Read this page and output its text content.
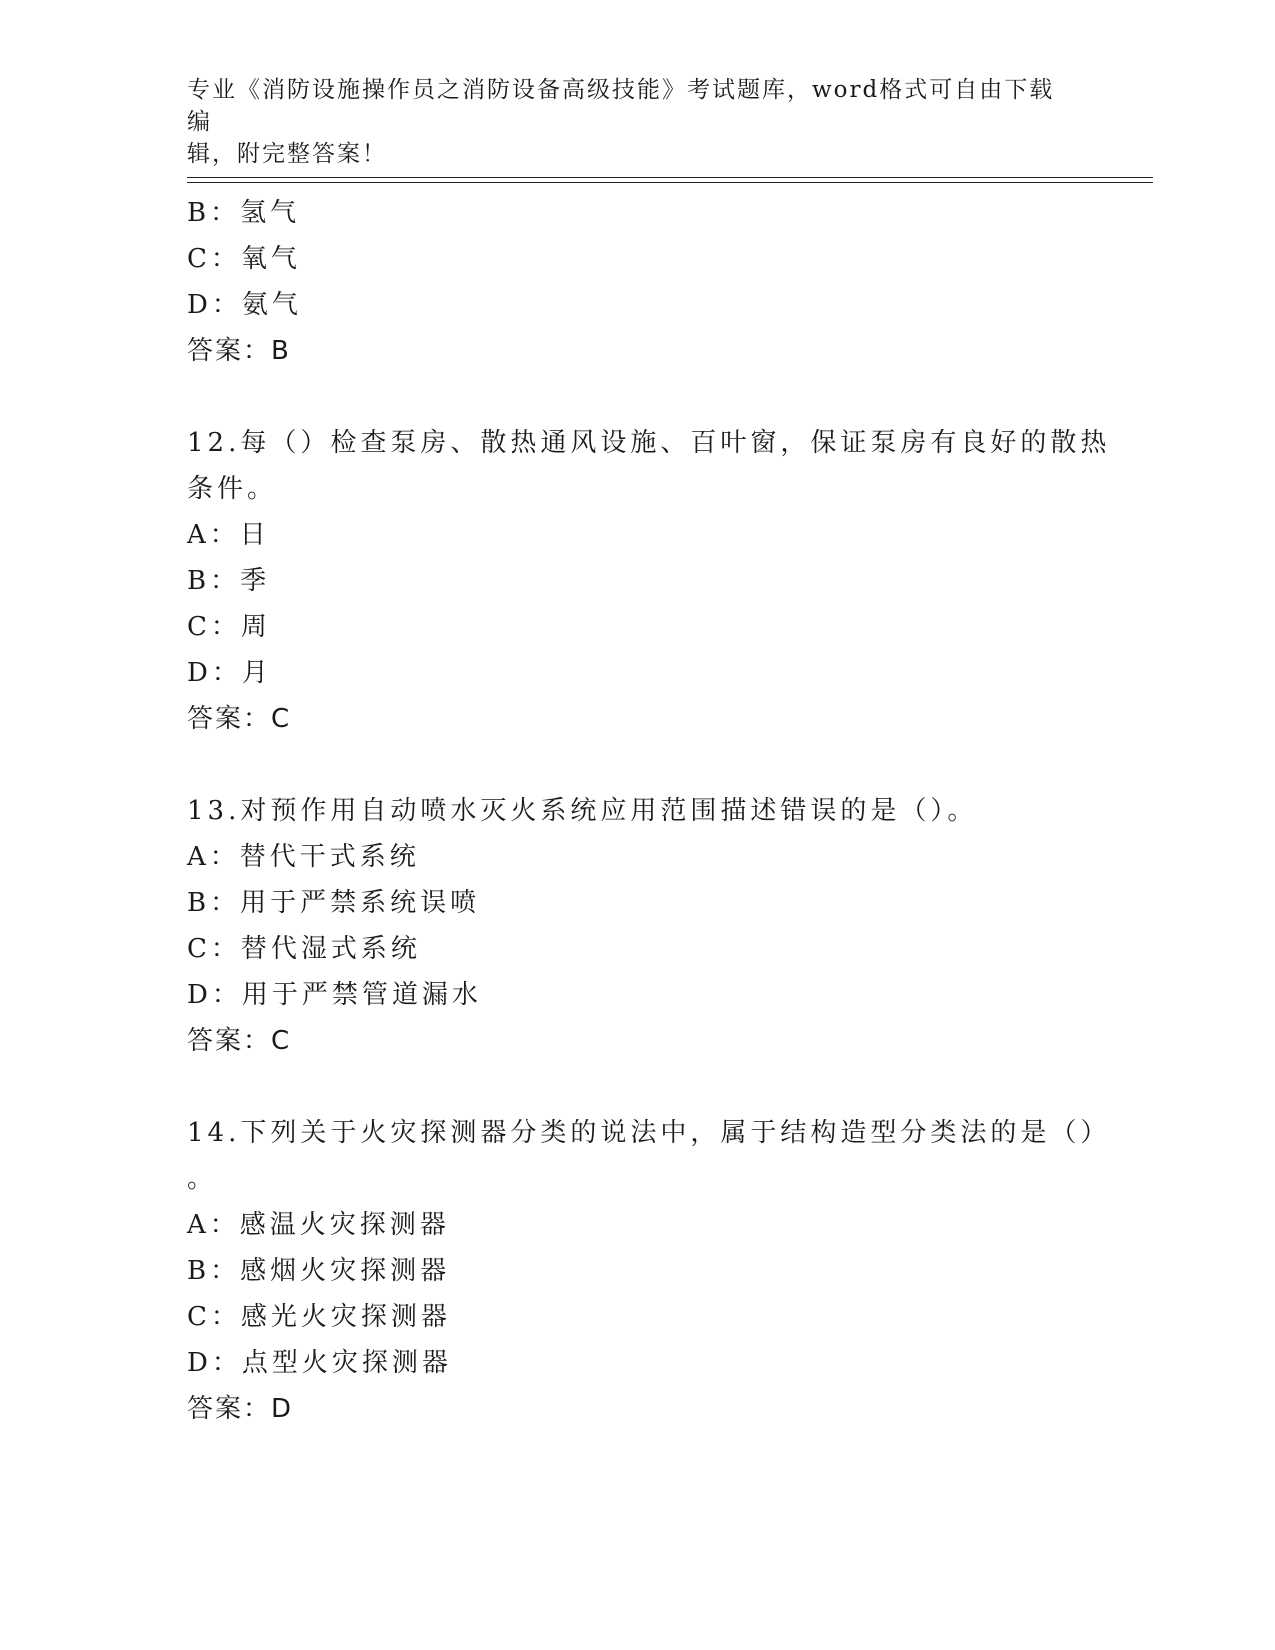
专业《消防设施操作员之消防设备高级技能》考试题库，word格式可自由下载编
辑，附完整答案！
B：氢气
C：氧气
D：氨气
答案：B
12.每（）检查泵房、散热通风设施、百叶窗，保证泵房有良好的散热
条件。
A：日
B：季
C：周
D：月
答案：C
13.对预作用自动喷水灭火系统应用范围描述错误的是（）。
A：替代干式系统
B：用于严禁系统误喷
C：替代湿式系统
D：用于严禁管道漏水
答案：C
14.下列关于火灾探测器分类的说法中，属于结构造型分类法的是（）
。
A：感温火灾探测器
B：感烟火灾探测器
C：感光火灾探测器
D：点型火灾探测器
答案：D
